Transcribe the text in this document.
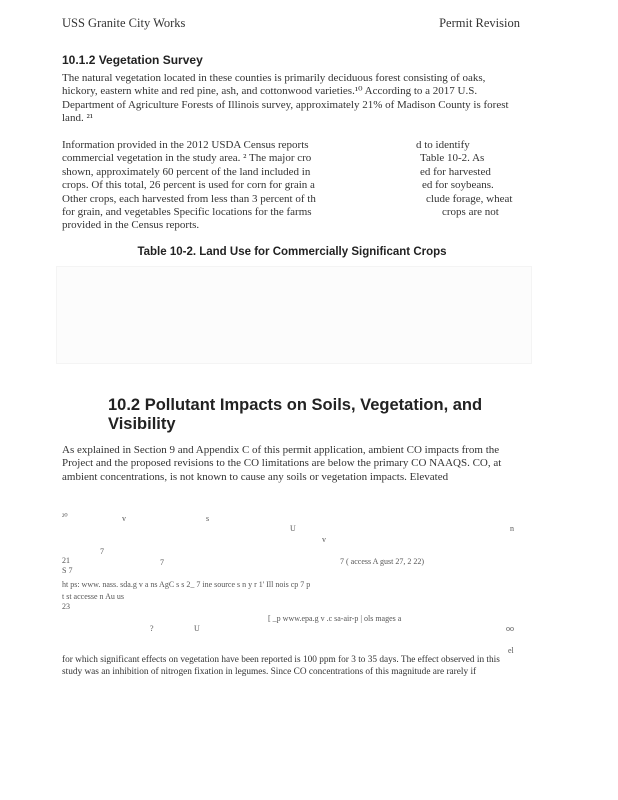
USS Granite City Works	Permit Revision
10.1.2 Vegetation Survey

The natural vegetation located in these counties is primarily deciduous forest consisting of oaks, hickory, eastern white and red pine, ash, and cottonwood varieties.¹⁰ According to a 2017 U.S. Department of Agriculture Forests of Illinois survey, approximately 21% of Madison County is forest land. ²¹

Information provided in the 2012 USDA Census reports	d to identify
commercial vegetation in the study area. ² The major cro	Table 10-2. As
shown, approximately 60 percent of the land included in	ed for harvested
crops. Of this total, 26 percent is used for corn for grain a	ed for soybeans.
Other crops, each harvested from less than 3 percent of th	clude forage, wheat
for grain, and vegetables Specific locations for the farms	crops are not
provided in the Census reports.
Table 10-2. Land Use for Commercially Significant Crops
10.2 Pollutant Impacts on Soils, Vegetation, and Visibility

As explained in Section 9 and Appendix C of this permit application, ambient CO impacts from the Project and the proposed revisions to the CO limitations are below the primary CO NAAQS. CO, at ambient concentrations, is not known to cause any soils or vegetation impacts. Elevated

²⁰	v	s
U	n
v
7
21	7	7 ( access A gust 27, 2 22)
S 7
ht ps: www. nass. sda.g v a ns AgC s s 2_ 7 ine source s n y r 1' Ill nois cp 7 p
t st accesse n Au us
23
[ _p www.epa.g v .c sa-air-p | ols mages a
?	U	oo
el

for which significant effects on vegetation have been reported is 100 ppm for 3 to 35 days. The effect observed in this study was an inhibition of nitrogen fixation in legumes. Since CO concentrations of this magnitude are rarely if
